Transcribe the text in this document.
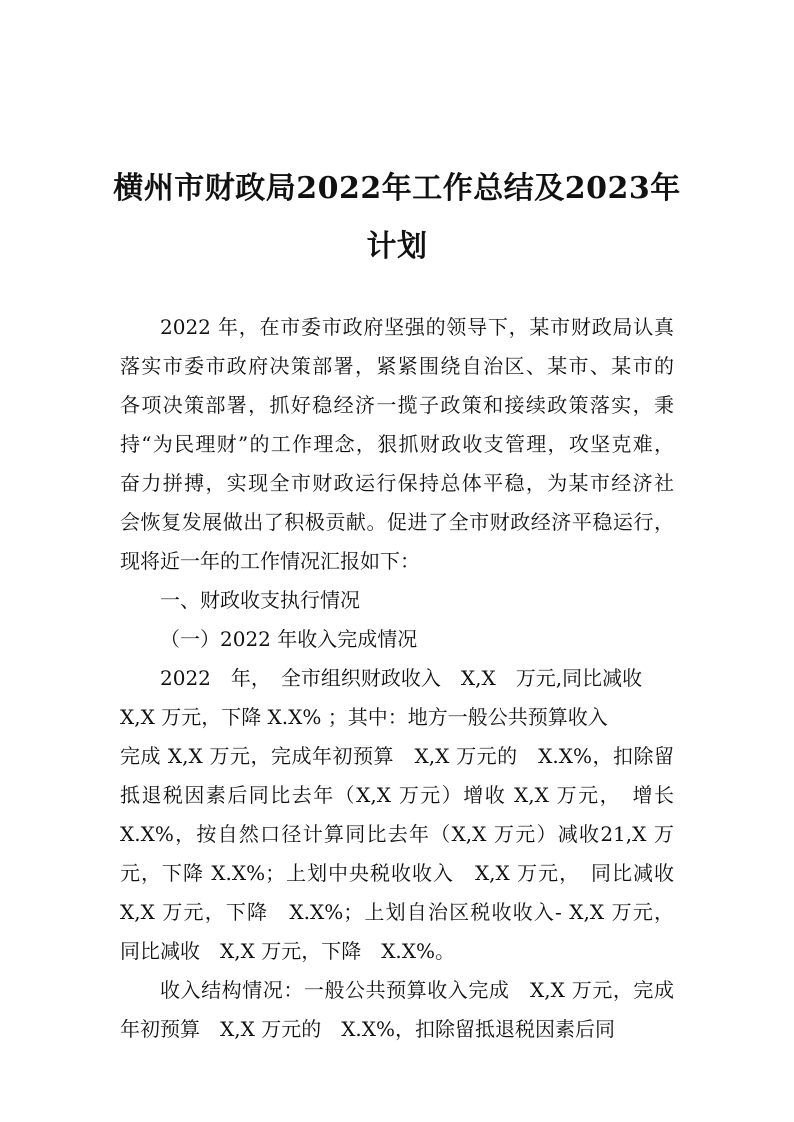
横州市财政局2022年工作总结及2023年
计划
2022 年，在市委市政府坚强的领导下，某市财政局认真
落实市委市政府决策部署，紧紧围绕自治区、某市、某市的
各项决策部署，抓好稳经济一揽子政策和接续政策落实，秉
持“为民理财”的工作理念，狠抓财政收支管理，攻坚克难，
奋力拼搏，实现全市财政运行保持总体平稳，为某市经济社
会恢复发展做出了积极贡献。促进了全市财政经济平稳运行，
现将近一年的工作情况汇报如下：
一、财政收支执行情况
（一）2022 年收入完成情况
2022　年，　全市组织财政收入　X,X　万元,同比减收
X,X 万元，下降 X.X% ；其中：地方一般公共预算收入
完成 X,X 万元，完成年初预算　X,X 万元的　X.X%，扣除留
抵退税因素后同比去年（X,X 万元）增收 X,X 万元，　增长
X.X%，按自然口径计算同比去年（X,X 万元）减收21,X 万
元，下降 X.X%；上划中央税收收入　X,X 万元，　同比减收
X,X 万元，下降　X.X%；上划自治区税收收入- X,X 万元，
同比减收　X,X 万元，下降　X.X%。
收入结构情况：一般公共预算收入完成　X,X 万元，完成
年初预算　X,X 万元的　X.X%，扣除留抵退税因素后同
